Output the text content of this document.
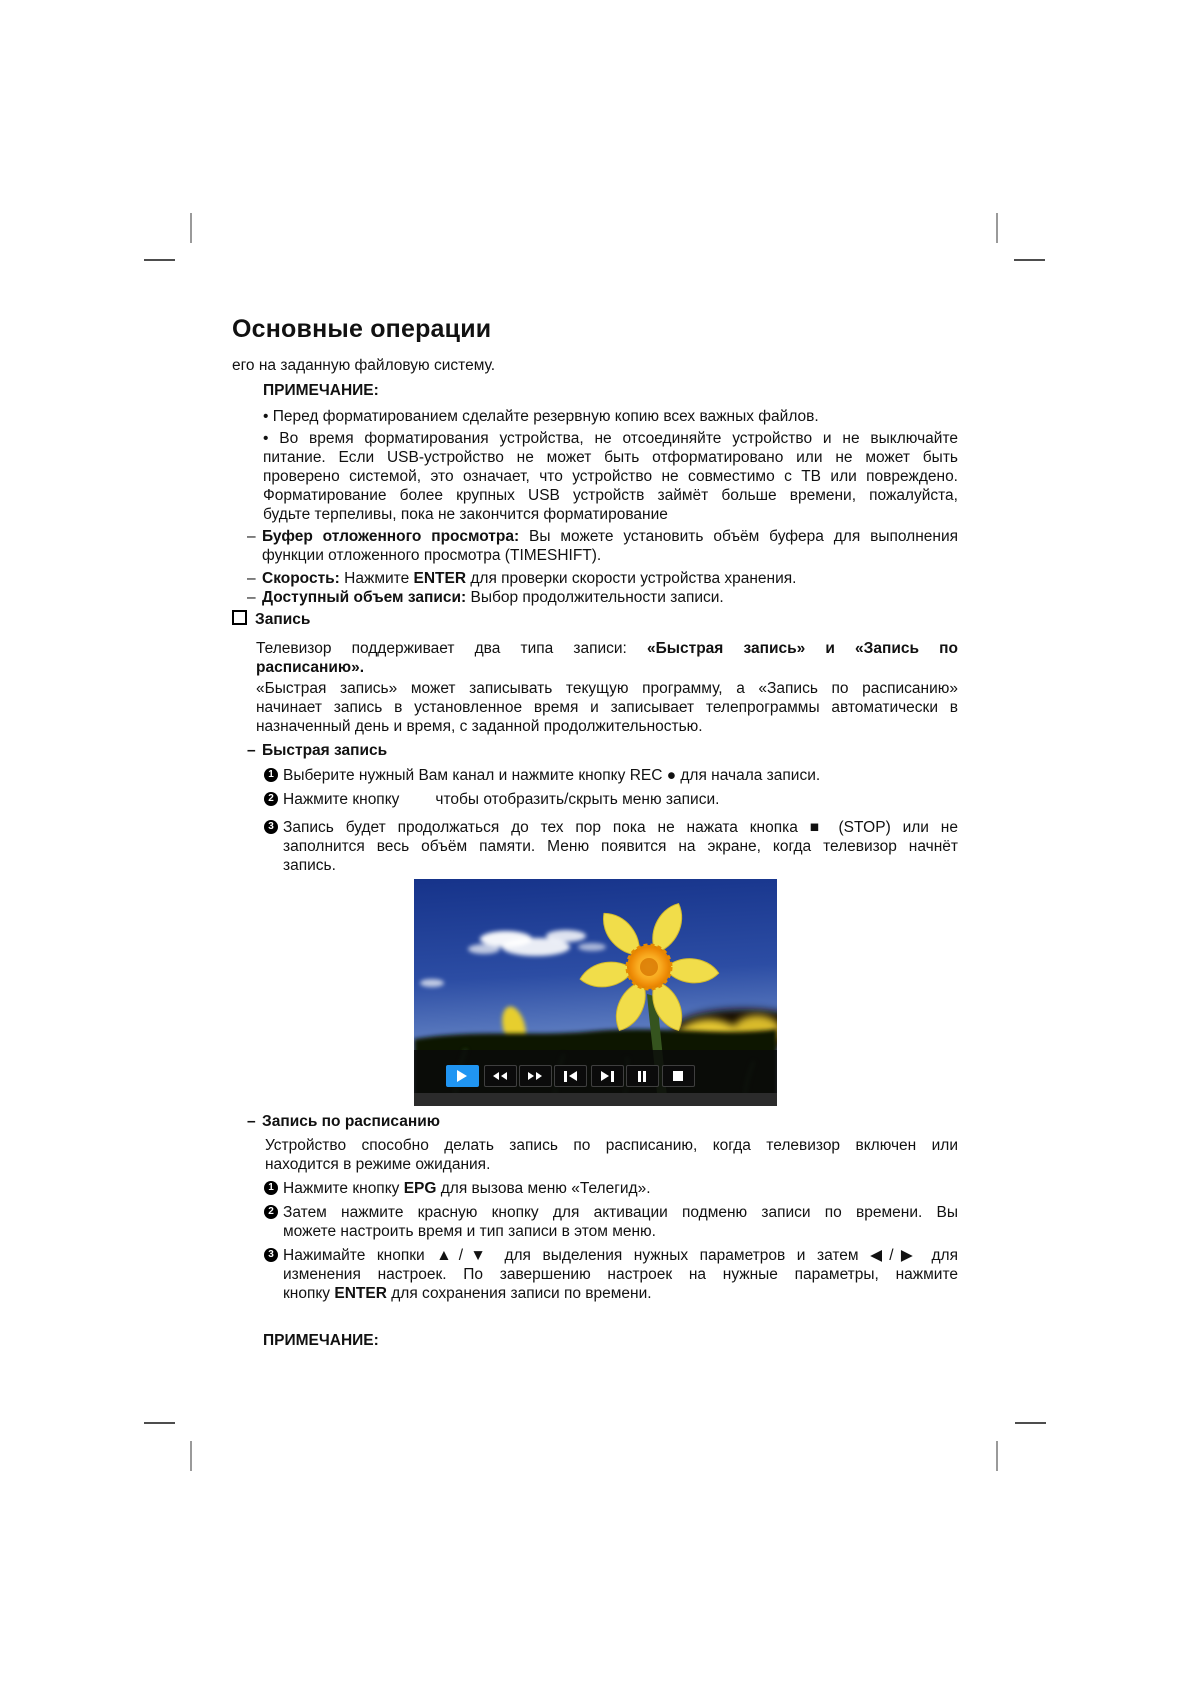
Основные операции

его на заданную файловую систему.

ПРИМЕЧАНИЕ:

• Перед форматированием сделайте резервную копию всех важных файлов.

• Во время форматирования устройства, не отсоединяйте устройство и не выключайте
питание. Если USB-устройство не может быть отформатировано или не может быть
проверено системой, это означает, что устройство не совместимо с ТВ или повреждено.
Форматирование более крупных USB устройств займёт больше времени, пожалуйста,
будьте терпеливы, пока не закончится форматирование
– Буфер отложенного просмотра: Вы можете установить объём буфера для выполнения
функции отложенного просмотра (TIMESHIFT).
– Скорость: Нажмите ENTER для проверки скорости устройства хранения.
– Доступный объем записи: Выбор продолжительности записи.
Запись
Телевизор поддерживает два типа записи: «Быстрая запись» и «Запись по
расписанию».
«Быстрая запись» может записывать текущую программу, а «Запись по расписанию»
начинает запись в установленное время и записывает телепрограммы автоматически в
назначенный день и время, с заданной продолжительностью.
– Быстрая запись
1 Выберите нужный Вам канал и нажмите кнопку REC ● для начала записи.
2 Нажмите кнопку чтобы отобразить/скрыть меню записи.
3 Запись будет продолжаться до тех пор пока не нажата кнопка ■ (STOP) или не
заполнится весь объём памяти. Меню появится на экране, когда телевизор начнёт
запись.
– Запись по расписанию
Устройство способно делать запись по расписанию, когда телевизор включен или
находится в режиме ожидания.
1 Нажмите кнопку EPG для вызова меню «Телегид».
2 Затем нажмите красную кнопку для активации подменю записи по времени. Вы
можете настроить время и тип записи в этом меню.
3 Нажимайте кнопки ▲/▼ для выделения нужных параметров и затем ◀/▶ для
изменения настроек. По завершению настроек на нужные параметры, нажмите
кнопку ENTER для сохранения записи по времени.

ПРИМЕЧАНИЕ:
